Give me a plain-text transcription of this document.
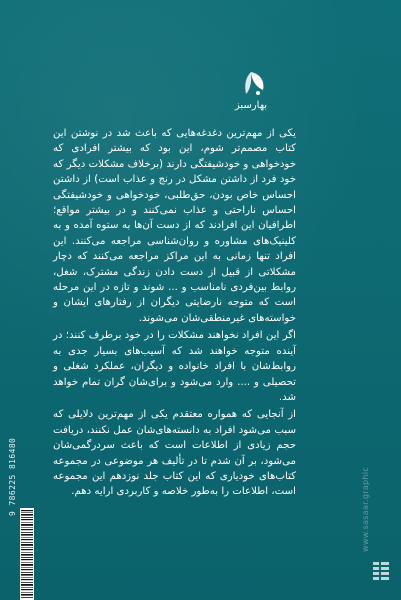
بهارسبز

یکی از مهم‌ترین دغدغه‌هایی که باعث شد در نوشتن این کتاب مصمم‌تر شوم، این بود که بیشتر افرادی که خودخواهی و خودشیفتگی دارند (برخلاف مشکلات دیگر که خود فرد از داشتن مشکل در رنج و عذاب است) از داشتن احساس خاص بودن، حق‌طلبی، خودخواهی و خودشیفتگی احساس ناراحتی و عذاب نمی‌کنند و در بیشتر مواقع؛ اطرافیان این افرادند که از دست آن‌ها به ستوه آمده و به کلینیک‌های مشاوره و روان‌شناسی مراجعه می‌کنند. این افراد تنها زمانی به این مراکز مراجعه می‌کنند که دچار مشکلاتی از قبیل از دست دادن زندگی مشترک، شغل، روابط بین‌فردی نامناسب و ... شوند و تازه در این مرحله است که متوجه نارضایتی دیگران از رفتارهای ایشان و خواسته‌های غیرمنطقی‌شان می‌شوند.

اگر این افراد نخواهند مشکلات را در خود برطرف کنند؛ در آینده متوجه خواهند شد که آسیب‌های بسیار جدی به روابط‌شان با افراد خانواده و دیگران، عملکرد شغلی و تحصیلی و .... وارد می‌شود و برای‌شان گران تمام خواهد شد.

از آنجایی که همواره معتقدم یکی از مهم‌ترین دلایلی که سبب می‌شود افراد به دانسته‌های‌شان عمل نکنند، دریافت حجم زیادی از اطلاعات است که باعث سردرگمی‌شان می‌شود، بر آن شدم تا در تألیف هر موضوعی در مجموعه کتاب‌های خودیاری که این کتاب جلد نوزدهم این مجموعه است، اطلاعات را به‌طور خلاصه و کاربردی ارایه دهم.

9 786225 816480	www.sasaar.graphic
